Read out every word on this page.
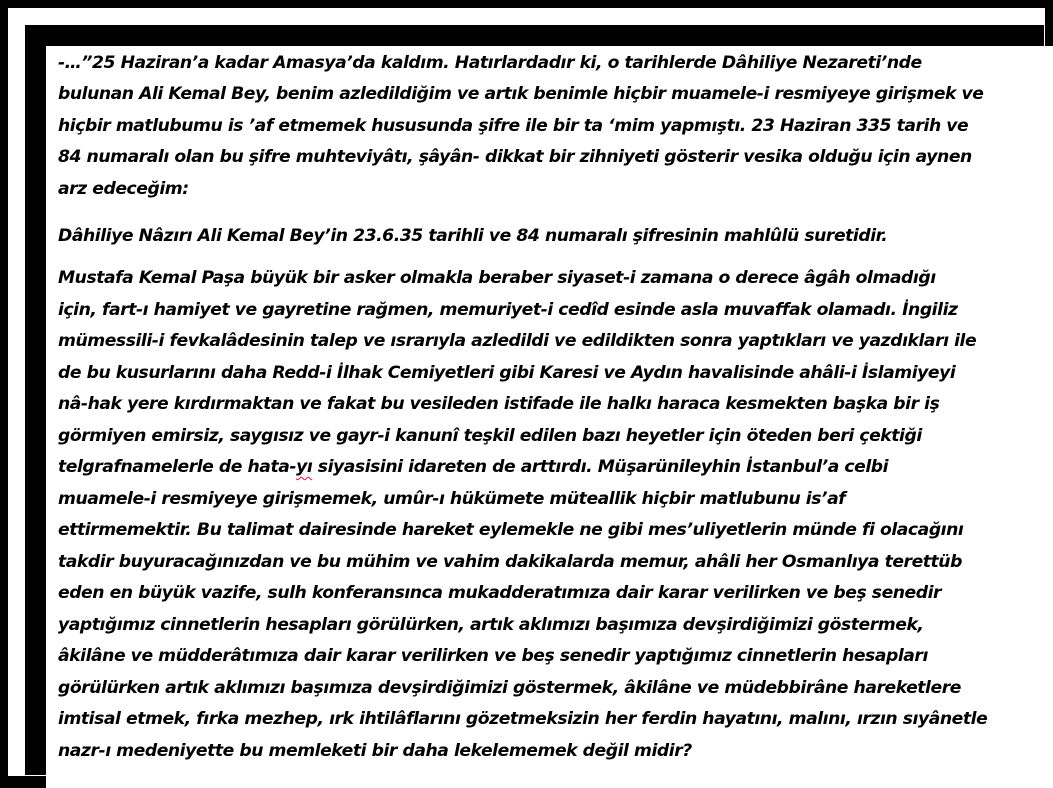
-…”25 Haziran’a kadar Amasya’da kaldım. Hatırlardadır ki, o tarihlerde Dâhiliye Nezareti’nde

bulunan Ali Kemal Bey, benim azledildiğim ve artık benimle hiçbir muamele-i resmiyeye girişmek ve

hiçbir matlubumu is ’af etmemek hususunda şifre ile bir ta ‘mim yapmıştı. 23 Haziran 335 tarih ve

84 numaralı olan bu şifre muhteviyâtı, şâyân- dikkat bir zihniyeti gösterir vesika olduğu için aynen

arz edeceğim:

Dâhiliye Nâzırı Ali Kemal Bey’in 23.6.35 tarihli ve 84 numaralı şifresinin mahlûlü suretidir.

Mustafa Kemal Paşa büyük bir asker olmakla beraber siyaset-i zamana o derece âgâh olmadığı

için, fart-ı hamiyet ve gayretine rağmen, memuriyet-i cedîd esinde asla muvaffak olamadı. İngiliz

mümessili-i fevkalâdesinin talep ve ısrarıyla azledildi ve edildikten sonra yaptıkları ve yazdıkları ile

de bu kusurlarını daha Redd-i İlhak Cemiyetleri gibi Karesi ve Aydın havalisinde ahâli-i İslamiyeyi

nâ-hak yere kırdırmaktan ve fakat bu vesileden istifade ile halkı haraca kesmekten başka bir iş

görmiyen emirsiz, saygısız ve gayr-i kanunî teşkil edilen bazı heyetler için öteden beri çektiği

telgrafnamelerle de hata-yı siyasisini idareten de arttırdı. Müşarünileyhin İstanbul’a celbi

muamele-i resmiyeye girişmemek, umûr-ı hükümete müteallik hiçbir matlubunu is’af

ettirmemektir. Bu talimat dairesinde hareket eylemekle ne gibi mes’uliyetlerin münde fi olacağını

takdir buyuracağınızdan ve bu mühim ve vahim dakikalarda memur, ahâli her Osmanlıya terettüb

eden en büyük vazife, sulh konferansınca mukadderatımıza dair karar verilirken ve beş senedir

yaptığımız cinnetlerin hesapları görülürken, artık aklımızı başımıza devşirdiğimizi göstermek,

âkilâne ve müdderâtımıza dair karar verilirken ve beş senedir yaptığımız cinnetlerin hesapları

görülürken artık aklımızı başımıza devşirdiğimizi göstermek, âkilâne ve müdebbirâne hareketlere

imtisal etmek, fırka mezhep, ırk ihtilâflarını gözetmeksizin her ferdin hayatını, malını, ırzın sıyânetle

nazr-ı medeniyette bu memleketi bir daha lekelememek değil midir?
